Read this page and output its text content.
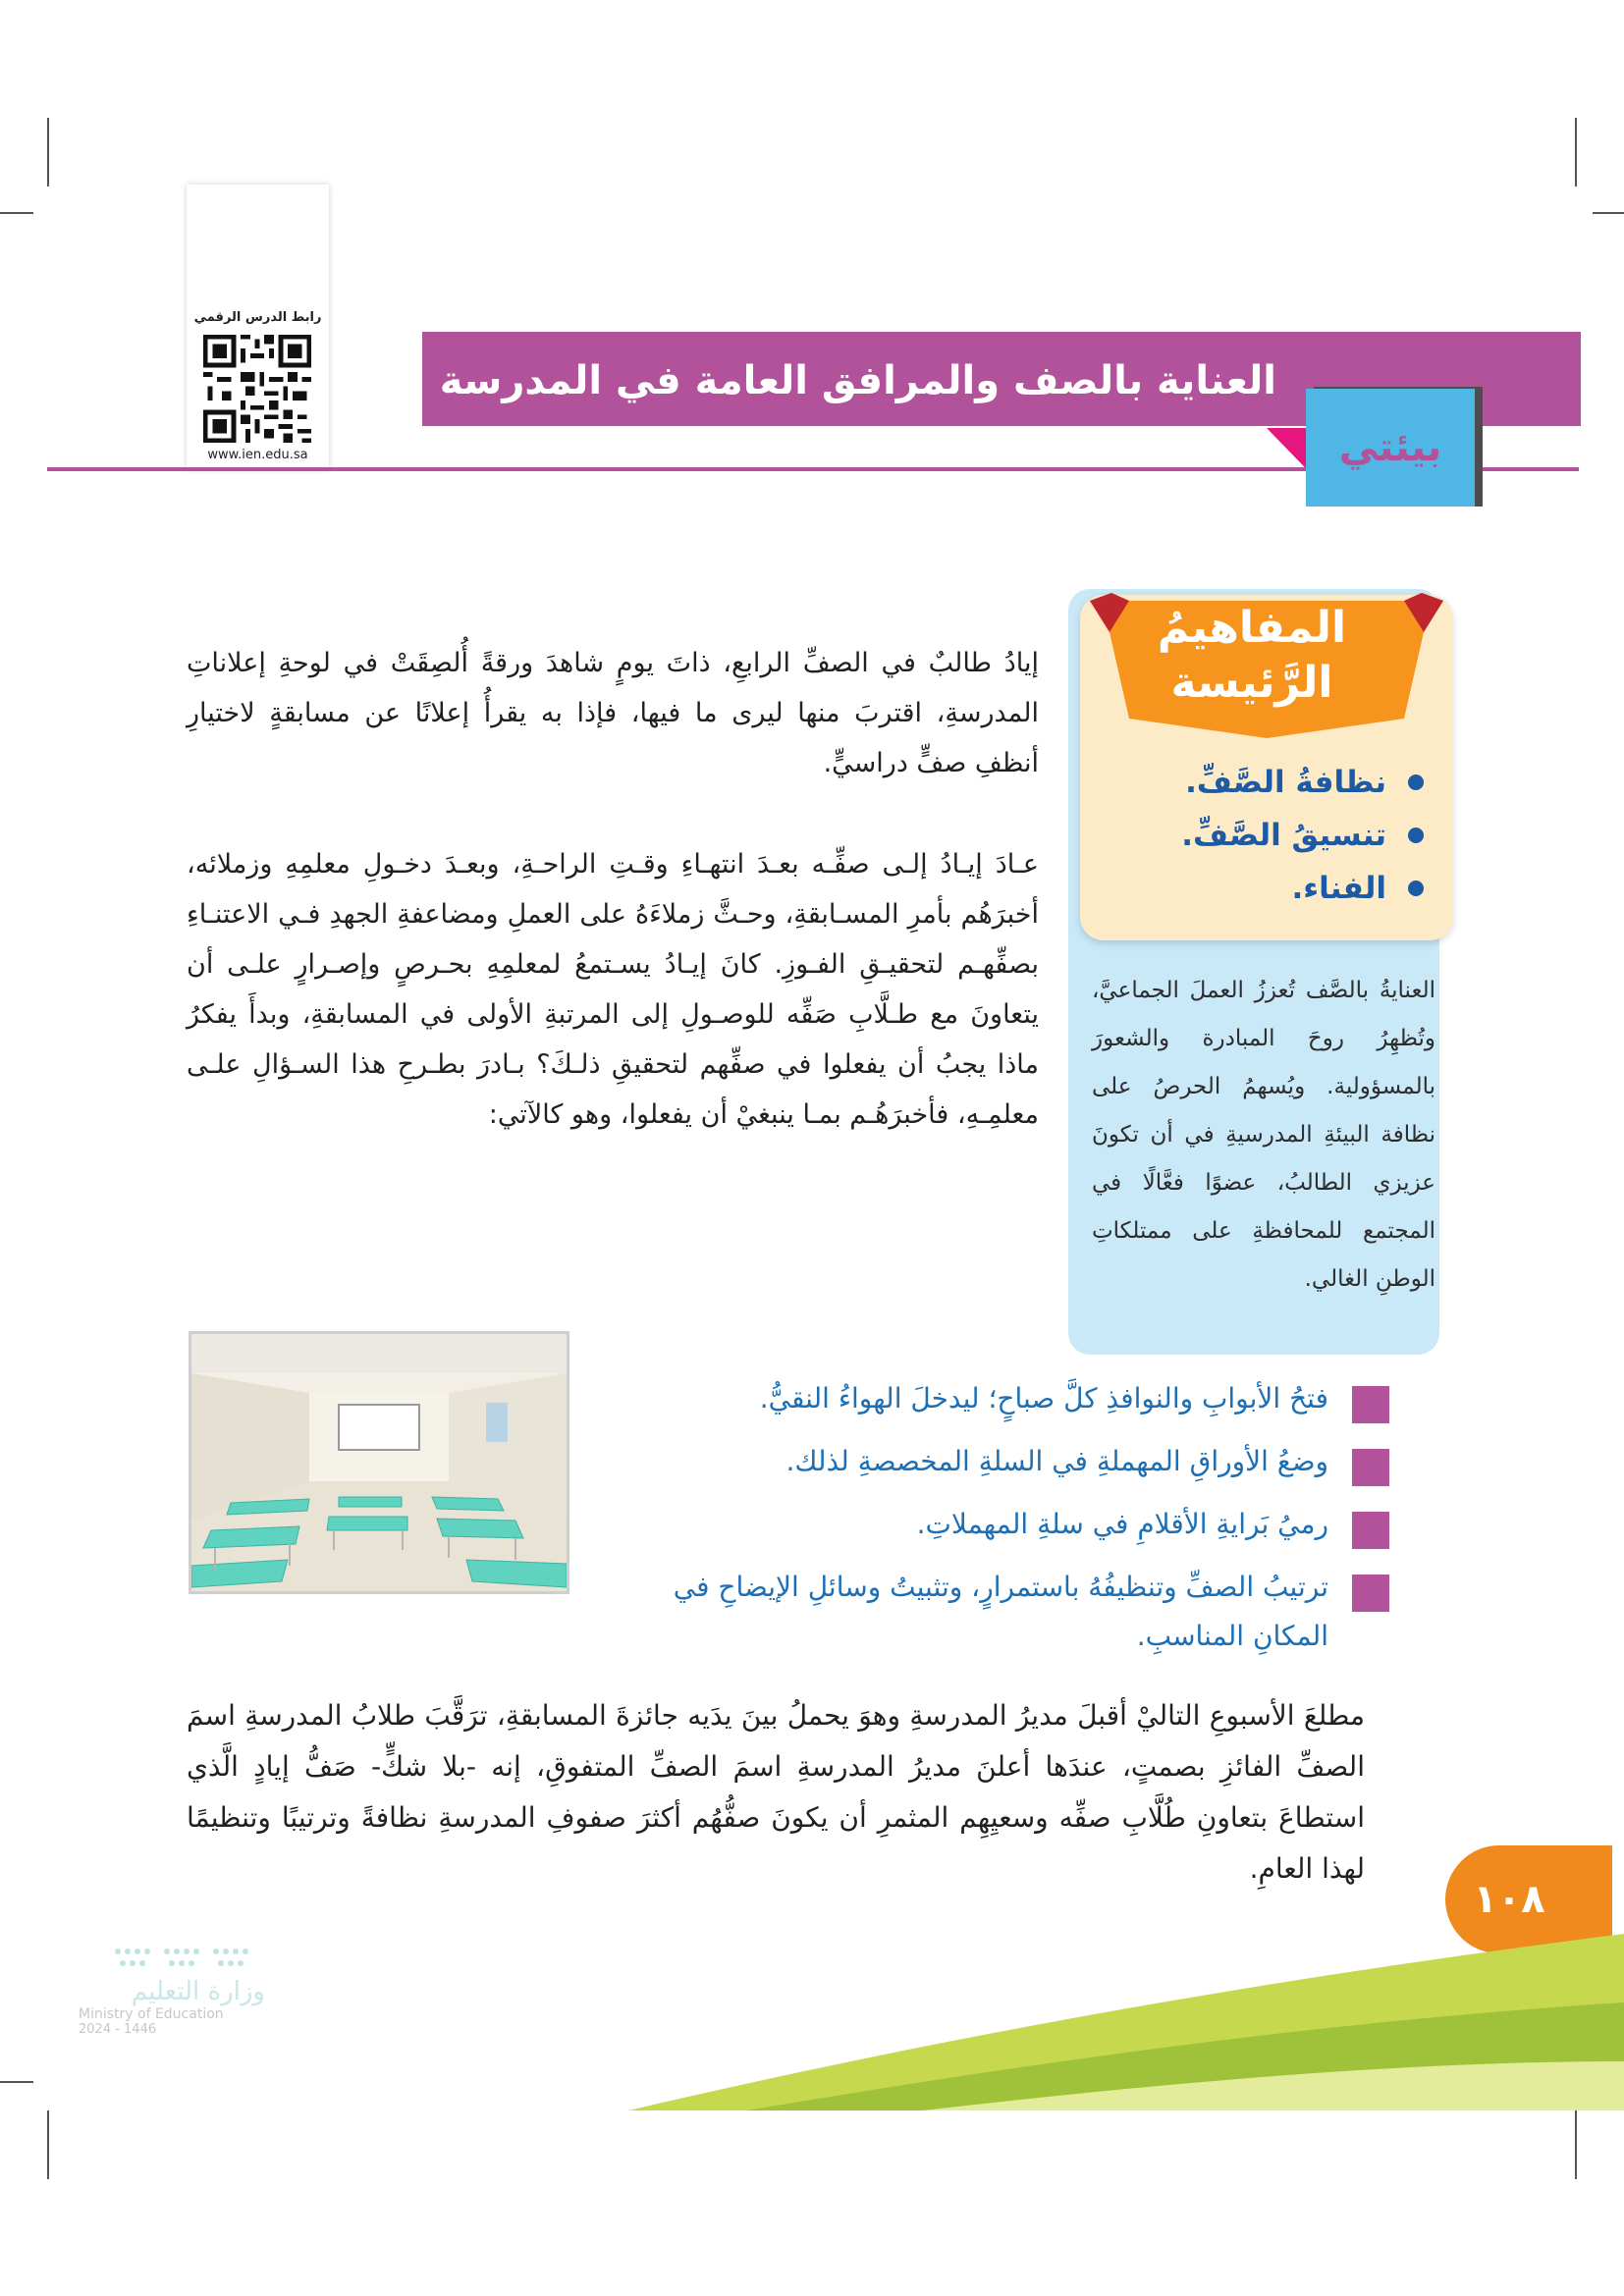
رابط الدرس الرقمي
www.ien.edu.sa
العناية بالصف والمرافق العامة في المدرسة
بيئتي
المفاهيمُ
الرَّئيسة
نظافةُ الصَّفِّ.
تنسيقُ الصَّفِّ.
الفناء.

العنايةُ بالصَّف تُعززُ العملَ الجماعيَّ، وتُظهِرُ روحَ المبادرة والشعورَ بالمسؤولية. ويُسهمُ الحرصُ على نظافة البيئةِ المدرسيةِ في أن تكونَ عزيزي الطالبُ، عضوًا فعَّالًا في المجتمع للمحافظةِ على ممتلكاتِ الوطنِ الغالي.

إيادُ طالبٌ في الصفِّ الرابعِ، ذاتَ يومٍ شاهدَ ورقةً أُلصِقَتْ في لوحةِ إعلاناتِ المدرسةِ، اقتربَ منها ليرى ما فيها، فإذا به يقرأُ إعلانًا عن مسابقةٍ لاختيارِ أنظفِ صفٍّ دراسيٍّ.

عـادَ إيـادُ إلـى صفِّـه بعـدَ انتهـاءِ وقـتِ الراحـةِ، وبعـدَ دخـولِ معلمِهِ وزملائه، أخبرَهُم بأمرِ المسـابقةِ، وحـثَّ زملاءَهُ على العملِ ومضاعفةِ الجهدِ فـي الاعتنـاءِ بصفِّهـم لتحقيـقِ الفـوزِ. كانَ إيـادُ يسـتمعُ لمعلمِهِ بحـرصٍ وإصـرارٍ علـى أن يتعاونَ مع طـلَّابِ صَفِّه للوصـولِ إلى المرتبةِ الأولى في المسابقةِ، وبدأَ يفكرُ ماذا يجبُ أن يفعلوا في صفِّهم لتحقيقِ ذلـكَ؟ بـادرَ بطـرحِ هذا السـؤالِ علـى معلمِـهِ، فأخبرَهُـم بمـا ينبغيْ أن يفعلوا، وهو كالآتي:

فتحُ الأبوابِ والنوافذِ كلَّ صباحٍ؛ ليدخلَ الهواءُ النقيُّ.
وضعُ الأوراقِ المهملةِ في السلةِ المخصصةِ لذلك.
رميُ بَرايةِ الأقلامِ في سلةِ المهملاتِ.
ترتيبُ الصفِّ وتنظيفُهُ باستمرارٍ، وتثبيتُ وسائلِ الإيضاحِ في المكانِ المناسبِ.

مطلعَ الأسبوعِ التاليْ أقبلَ مديرُ المدرسةِ وهوَ يحملُ بينَ يدَيه جائزةَ المسابقةِ، ترَقَّبَ طلابُ المدرسةِ اسمَ الصفِّ الفائزِ بصمتٍ، عندَها أعلنَ مديرُ المدرسةِ اسمَ الصفِّ المتفوقِ، إنه -بلا شكٍّ- صَفُّ إيادٍ الَّذي استطاعَ بتعاونِ طُلَّابِ صفِّه وسعيِهِم المثمرِ أن يكونَ صفُّهُم أكثرَ صفوفِ المدرسةِ نظافةً وترتيبًا وتنظيمًا لهذا العامِ.

١٠٨
وزارة التعليم
Ministry of Education
2024 - 1446
